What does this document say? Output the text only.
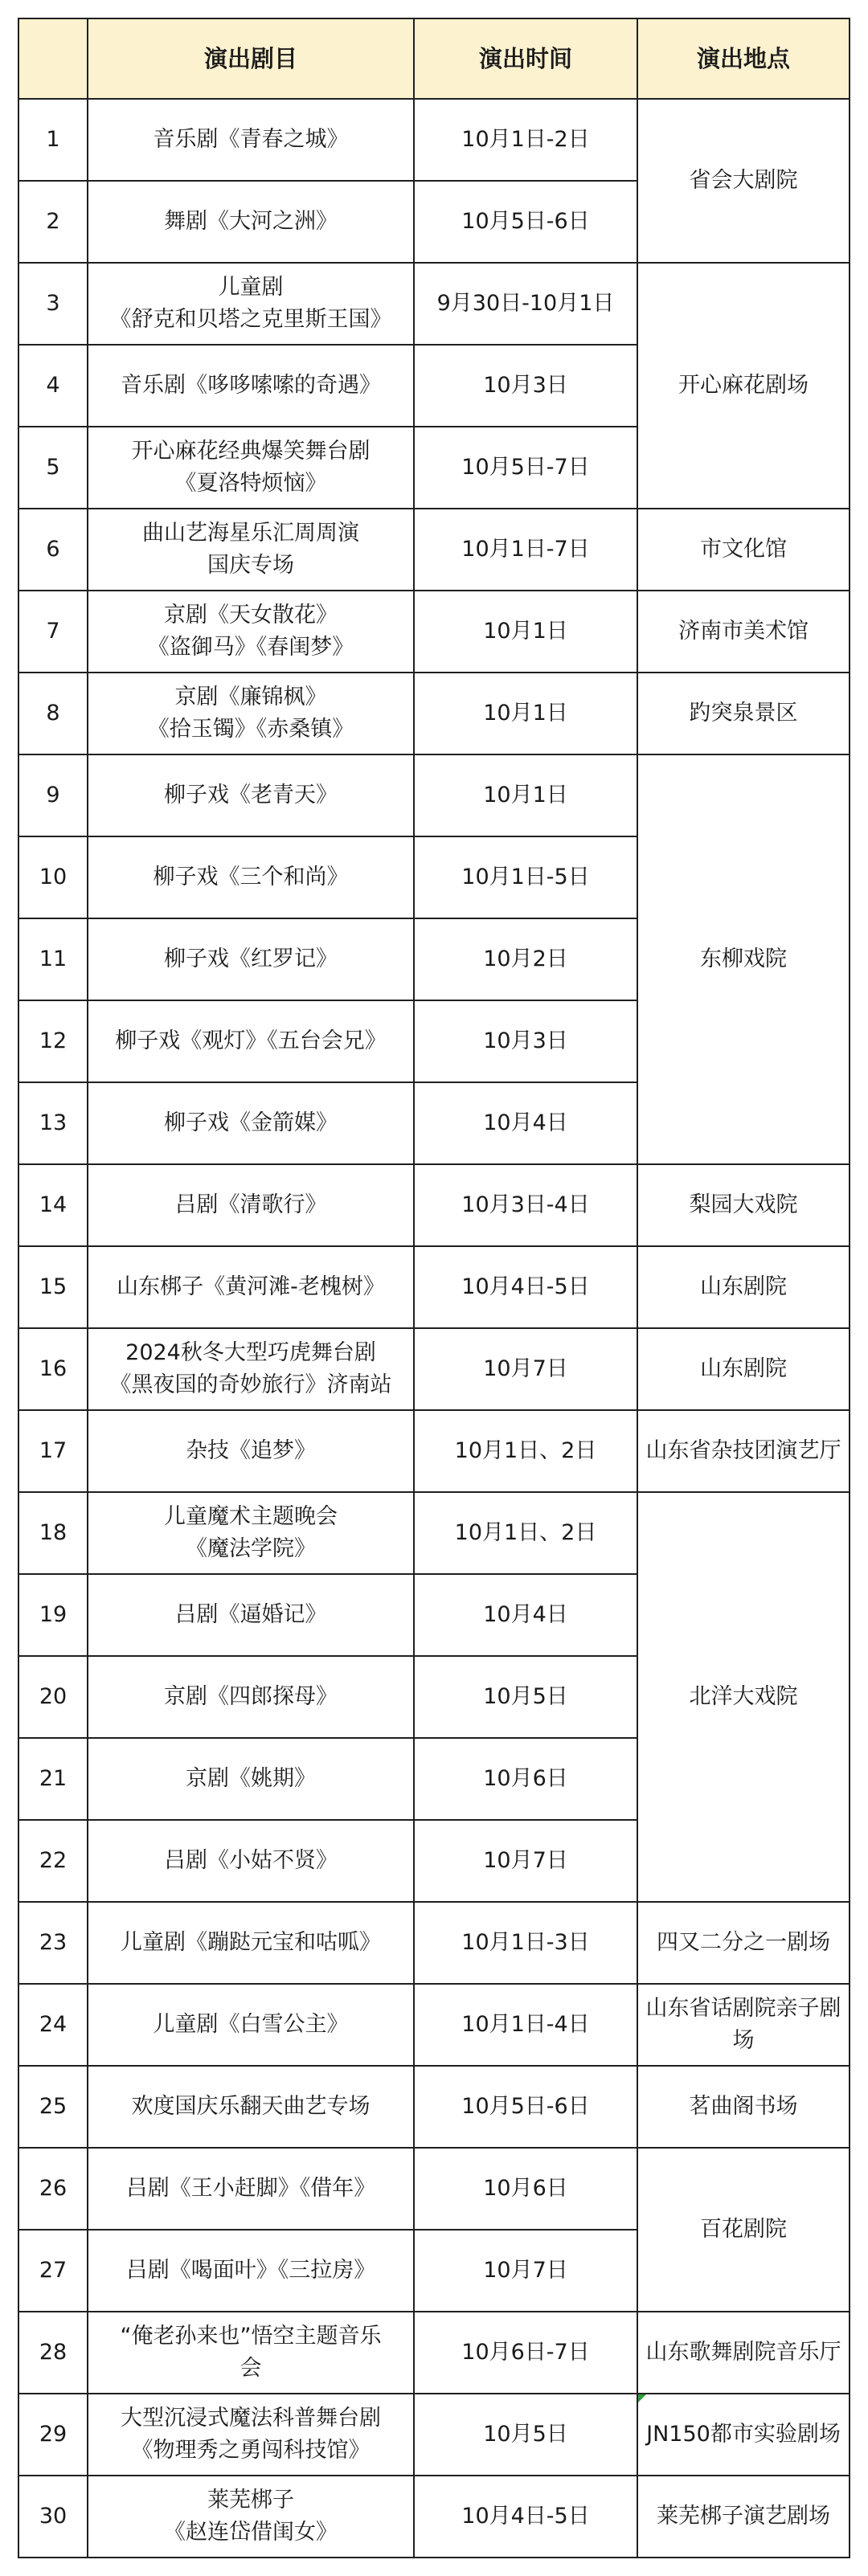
	演出剧目	演出时间	演出地点
1	音乐剧《青春之城》	10月1日-2日	省会大剧院

2	舞剧《大河之洲》	10月5日-6日	
3	儿童剧
《舒克和贝塔之克里斯王国》	9月30日-10月1日	开心麻花剧场

4	音乐剧《哆哆嗦嗦的奇遇》	10月3日	
5	开心麻花经典爆笑舞台剧
《夏洛特烦恼》	10月5日-7日	
6	曲山艺海星乐汇周周演
国庆专场	10月1日-7日	市文化馆

7	京剧《天女散花》
《盗御马》《春闺梦》	10月1日	济南市美术馆

8	京剧《廉锦枫》
《拾玉镯》《赤桑镇》	10月1日	趵突泉景区

9	柳子戏《老青天》	10月1日	东柳戏院

10	柳子戏《三个和尚》	10月1日-5日	
11	柳子戏《红罗记》	10月2日	
12	柳子戏《观灯》《五台会兄》	10月3日	
13	柳子戏《金箭媒》	10月4日	
14	吕剧《清歌行》	10月3日-4日	梨园大戏院

15	山东梆子《黄河滩-老槐树》	10月4日-5日	山东剧院

16	2024秋冬大型巧虎舞台剧
《黑夜国的奇妙旅行》济南站	10月7日	山东剧院

17	杂技《追梦》	10月1日、2日	山东省杂技团演艺厅

18	儿童魔术主题晚会
《魔法学院》	10月1日、2日	北洋大戏院

19	吕剧《逼婚记》	10月4日	
20	京剧《四郎探母》	10月5日	
21	京剧《姚期》	10月6日	
22	吕剧《小姑不贤》	10月7日	
23	儿童剧《蹦跶元宝和咕呱》	10月1日-3日	四又二分之一剧场

24	儿童剧《白雪公主》	10月1日-4日	山东省话剧院亲子剧
场

25	欢度国庆乐翻天曲艺专场	10月5日-6日	茗曲阁书场

26	吕剧《王小赶脚》《借年》	10月6日	百花剧院

27	吕剧《喝面叶》《三拉房》	10月7日	
28	“俺老孙来也”悟空主题音乐
会	10月6日-7日	山东歌舞剧院音乐厅

29	大型沉浸式魔法科普舞台剧
《物理秀之勇闯科技馆》	10月5日	JN150都市实验剧场

30	莱芜梆子
《赵连岱借闺女》	10月4日-5日	莱芜梆子演艺剧场
